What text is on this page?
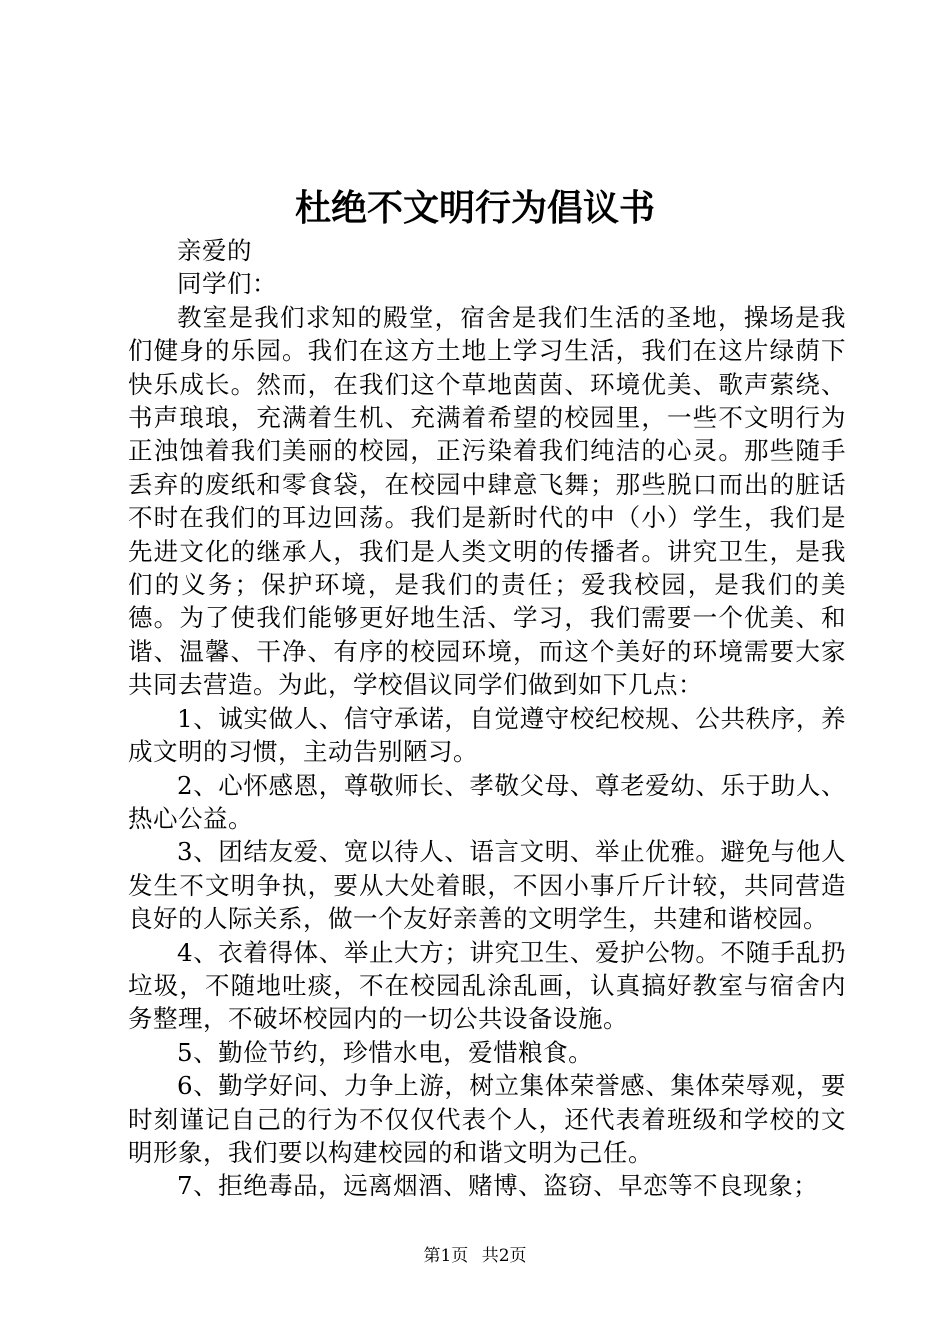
杜绝不文明行为倡议书

亲爱的

同学们：

教室是我们求知的殿堂，宿舍是我们生活的圣地，操场是我们健身的乐园。我们在这方土地上学习生活，我们在这片绿荫下快乐成长。然而，在我们这个草地茵茵、环境优美、歌声萦绕、书声琅琅，充满着生机、充满着希望的校园里，一些不文明行为正浊蚀着我们美丽的校园，正污染着我们纯洁的心灵。那些随手丢弃的废纸和零食袋，在校园中肆意飞舞；那些脱口而出的脏话不时在我们的耳边回荡。我们是新时代的中（小）学生，我们是先进文化的继承人，我们是人类文明的传播者。讲究卫生，是我们的义务；保护环境，是我们的责任；爱我校园，是我们的美德。为了使我们能够更好地生活、学习，我们需要一个优美、和谐、温馨、干净、有序的校园环境，而这个美好的环境需要大家共同去营造。为此，学校倡议同学们做到如下几点：

1、诚实做人、信守承诺，自觉遵守校纪校规、公共秩序，养成文明的习惯，主动告别陋习。

2、心怀感恩，尊敬师长、孝敬父母、尊老爱幼、乐于助人、热心公益。

3、团结友爱、宽以待人、语言文明、举止优雅。避免与他人发生不文明争执，要从大处着眼，不因小事斤斤计较，共同营造良好的人际关系，做一个友好亲善的文明学生，共建和谐校园。

4、衣着得体、举止大方；讲究卫生、爱护公物。不随手乱扔垃圾，不随地吐痰，不在校园乱涂乱画，认真搞好教室与宿舍内务整理，不破坏校园内的一切公共设备设施。

5、勤俭节约，珍惜水电，爱惜粮食。

6、勤学好问、力争上游，树立集体荣誉感、集体荣辱观，要时刻谨记自己的行为不仅仅代表个人，还代表着班级和学校的文明形象，我们要以构建校园的和谐文明为己任。

7、拒绝毒品，远离烟酒、赌博、盗窃、早恋等不良现象；

第1页 共2页
